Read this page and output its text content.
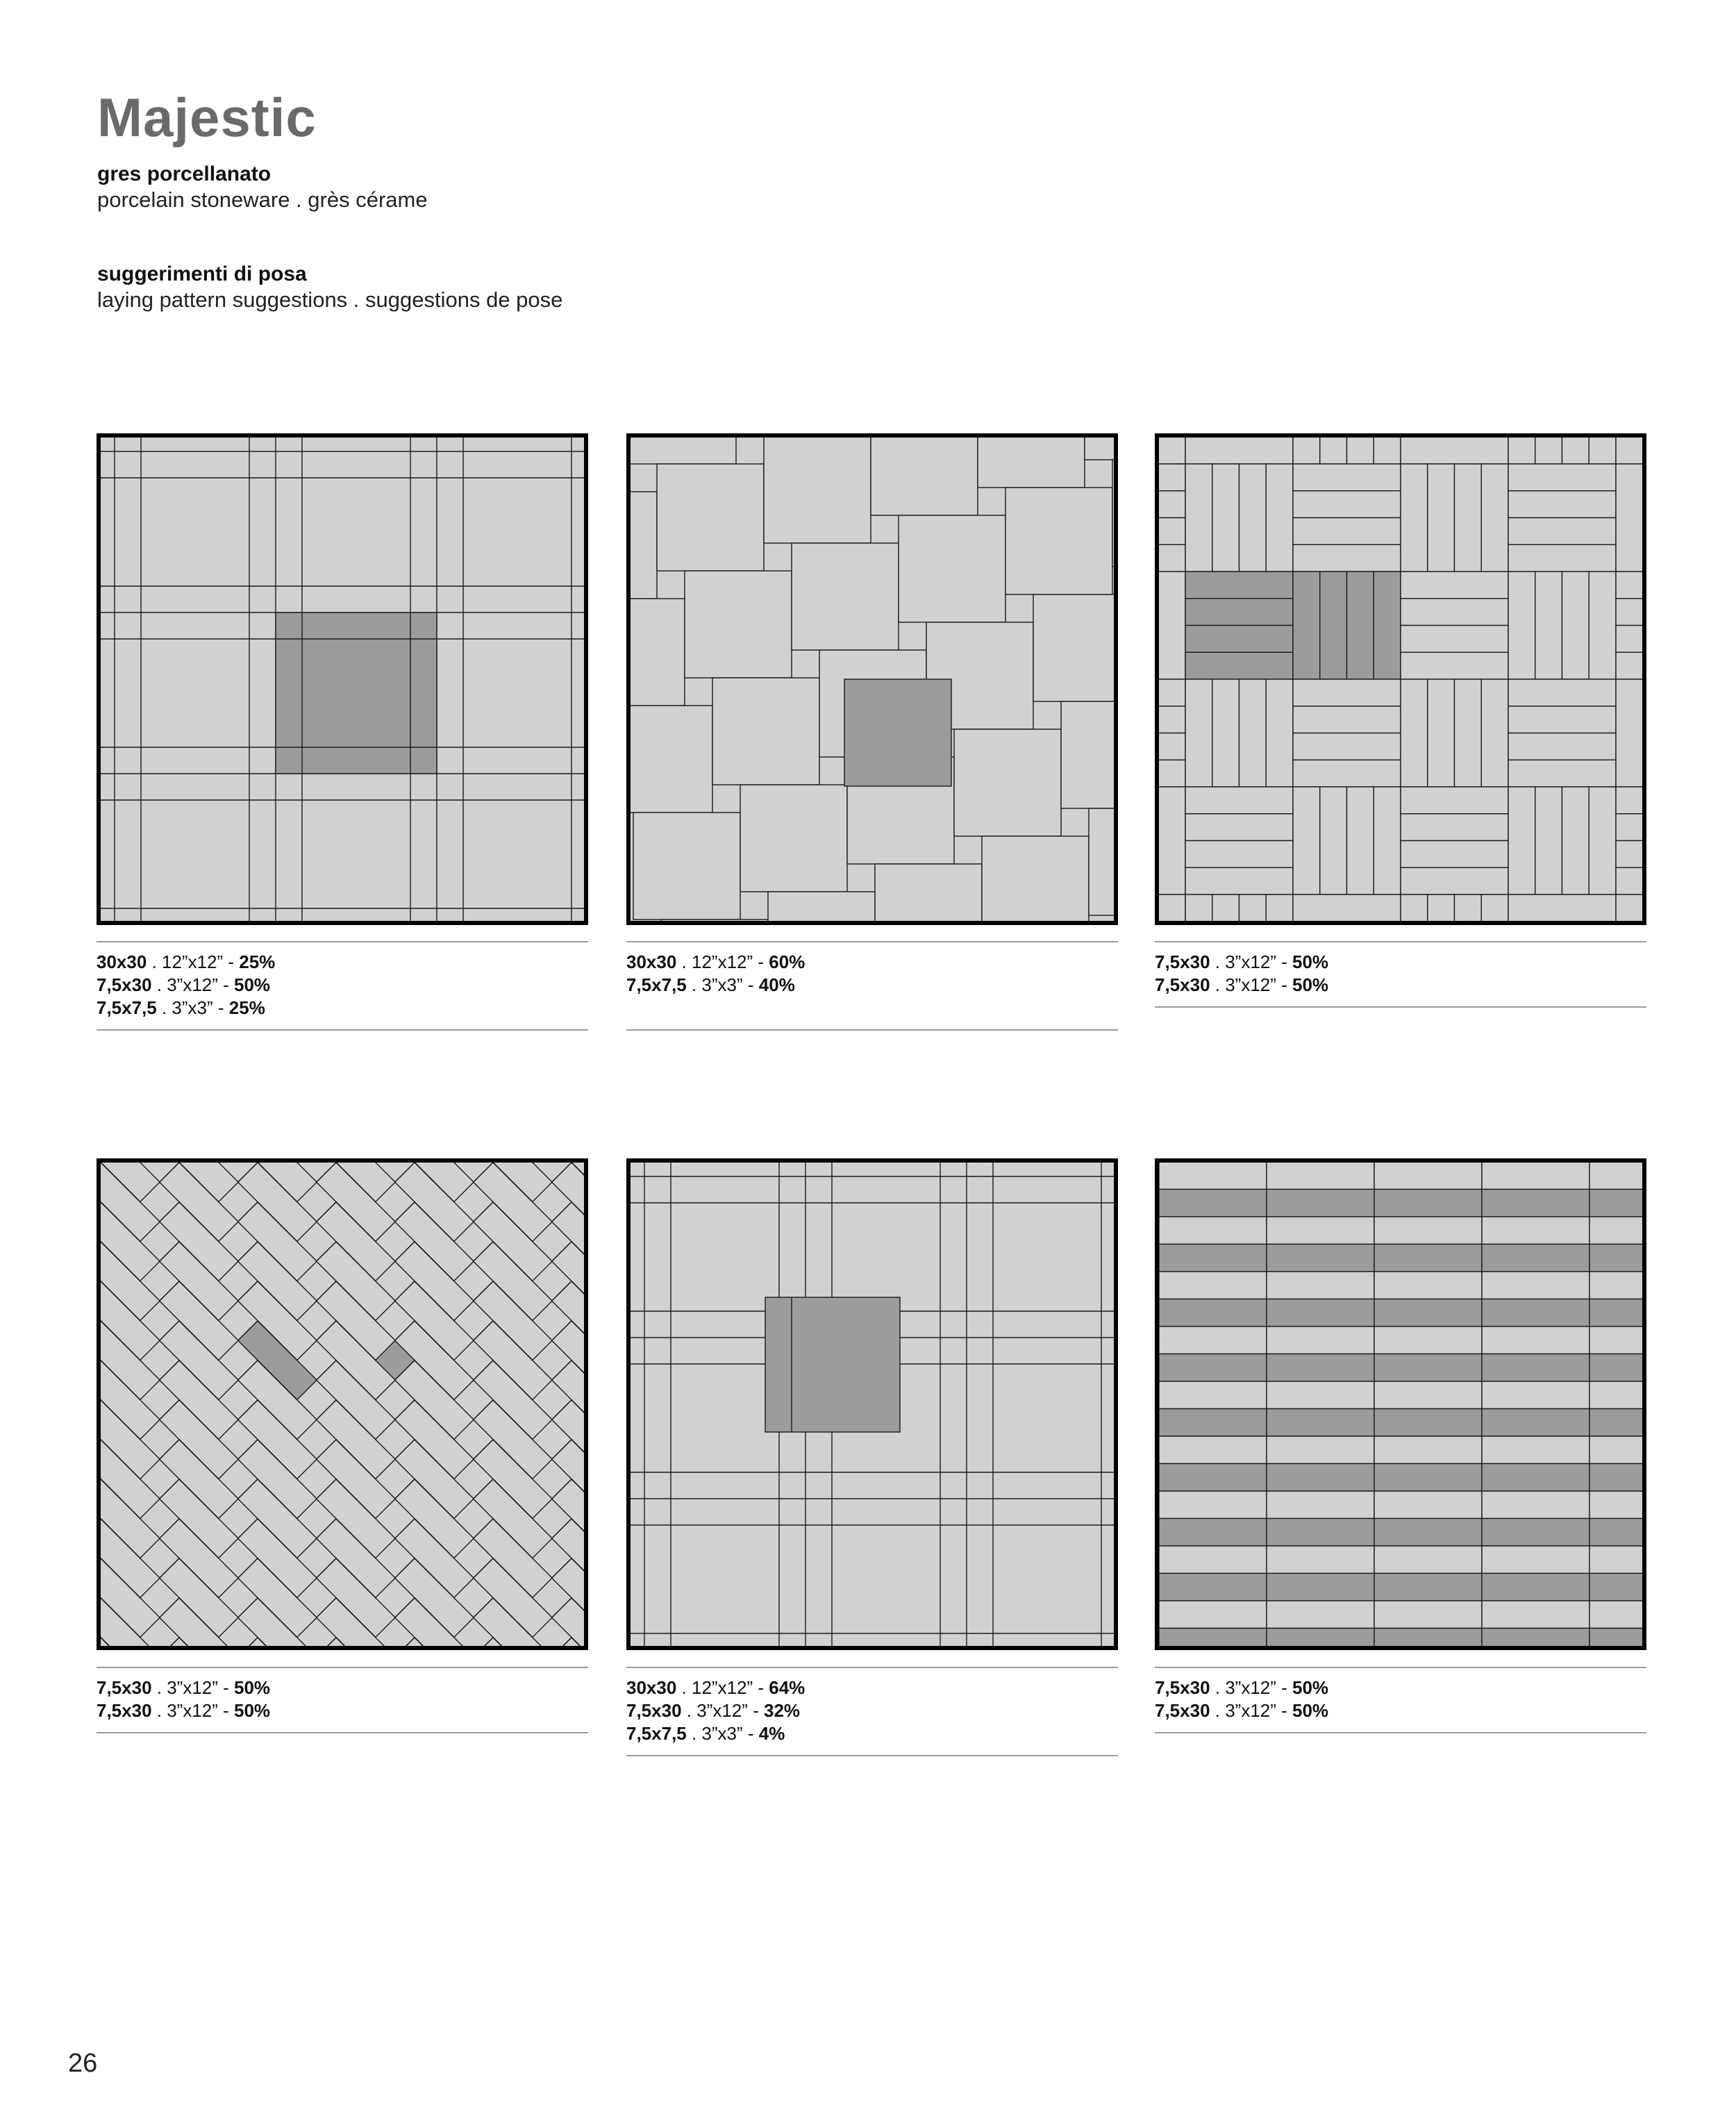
Majestic
gres porcellanato
porcelain stoneware . grès cérame
suggerimenti di posa
laying pattern suggestions . suggestions de pose
30x30 . 12”x12” - 25%
7,5x30 . 3”x12” - 50%
7,5x7,5 . 3”x3” - 25%
30x30 . 12”x12” - 60%
7,5x7,5 . 3”x3” - 40%
7,5x30 . 3”x12” - 50%
7,5x30 . 3”x12” - 50%
7,5x30 . 3”x12” - 50%
7,5x30 . 3”x12” - 50%
30x30 . 12”x12” - 64%
7,5x30 . 3”x12” - 32%
7,5x7,5 . 3”x3” - 4%
7,5x30 . 3”x12” - 50%
7,5x30 . 3”x12” - 50%
26
